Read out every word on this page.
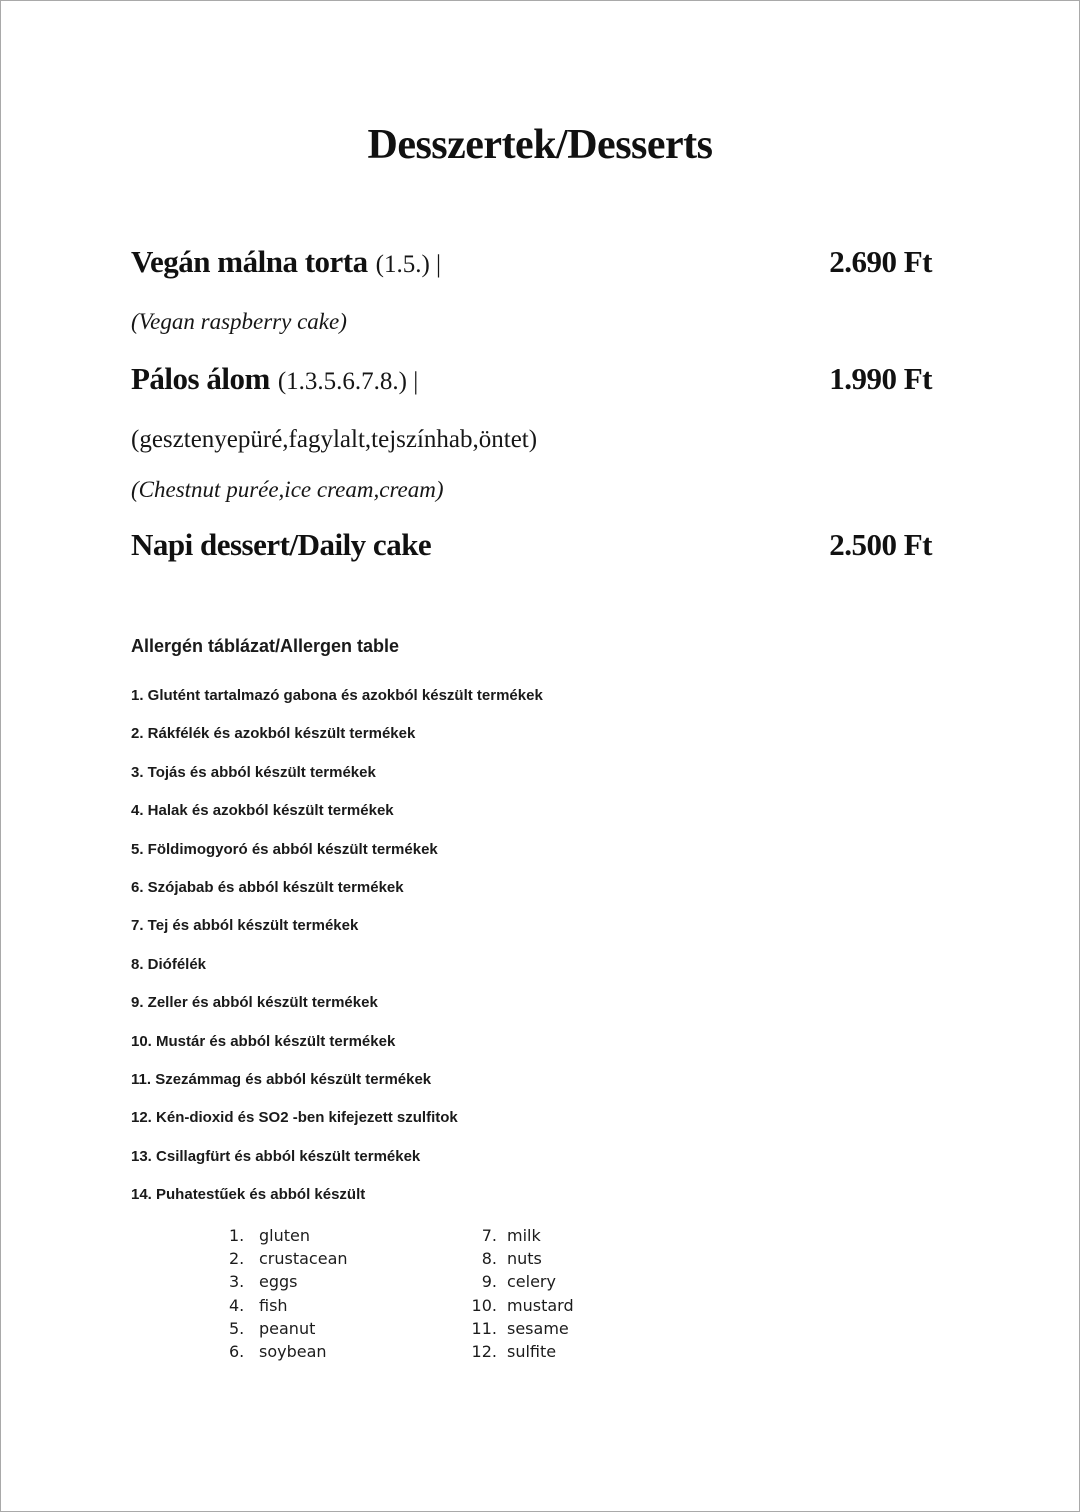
Desszertek/Desserts
Vegán málna torta (1.5.) |	2.690 Ft

(Vegan raspberry cake)

Pálos álom (1.3.5.6.7.8.) |	1.990 Ft

(gesztenyepüré,fagylalt,tejszínhab,öntet)

(Chestnut purée,ice cream,cream)

Napi dessert/Daily cake	2.500 Ft
Allergén táblázat/Allergen table

1. Glutént tartalmazó gabona és azokból készült termékek

2. Rákfélék és azokból készült termékek

3. Tojás és abból készült termékek

4. Halak és azokból készült termékek

5. Földimogyoró és abból készült termékek

6. Szójabab és abból készült termékek

7. Tej és abból készült termékek

8. Diófélék

9. Zeller és abból készült termékek

10. Mustár és abból készült termékek

11. Szezámmag és abból készült termékek

12. Kén-dioxid és SO2 -ben kifejezett szulfitok

13. Csillagfürt és abból készült termékek

14. Puhatestűek és abból készült

1. gluten
2. crustacean
3. eggs
4. fish
5. peanut
6. soybean
7. milk
8. nuts
9. celery
10. mustard
11. sesame
12. sulfite
